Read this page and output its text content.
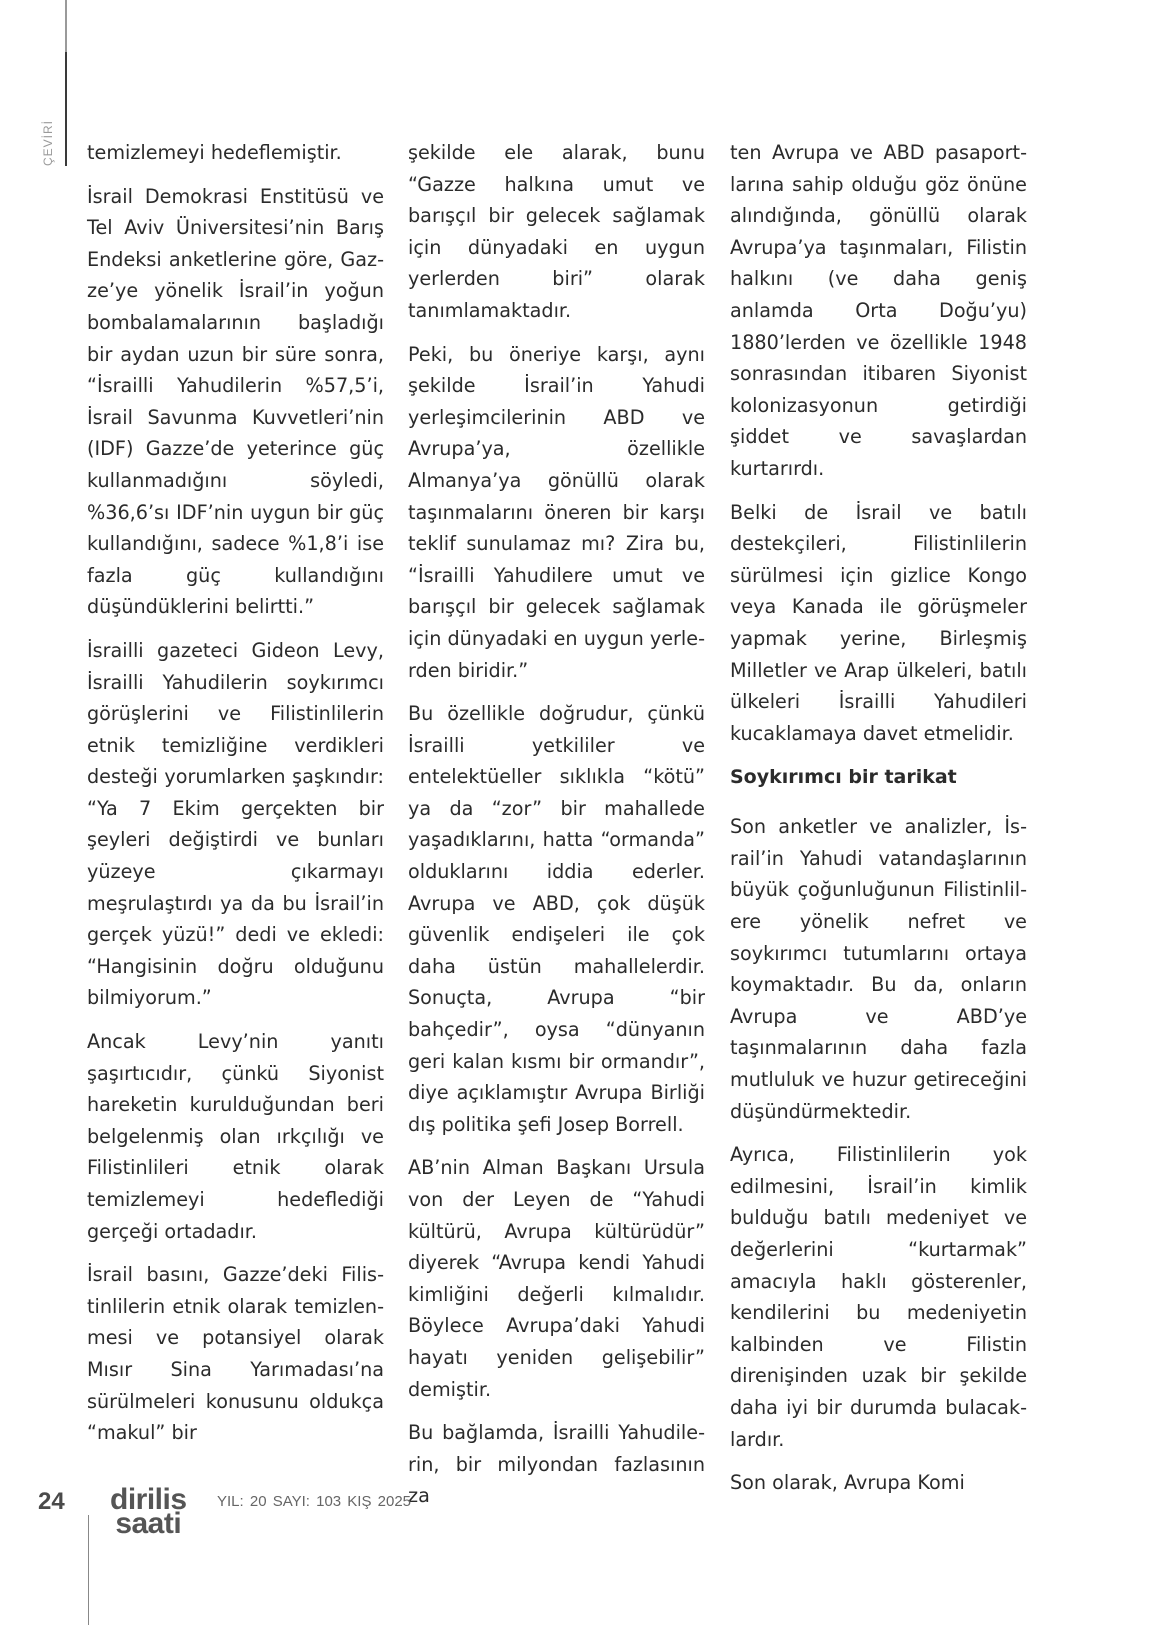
ÇEVİRİ temizlemeyi hedeflemiştir.

İsrail Demokrasi Enstitüsü ve Tel Aviv Üniversitesi’nin Barış Endeksi anketlerine göre, Gazze’ye yönelik İsrail’in yoğun bombalamalarının başladığı bir aydan uzun bir süre sonra, “İsrailli Yahudilerin %57,5’i, İsrail Savunma Kuvvetleri’nin (IDF) Gazze’de yeterince güç kullanmadığını söyledi, %36,6’sı IDF’nin uygun bir güç kullandığını, sadece %1,8’i ise fazla güç kullandığını düşündüklerini belirtti.”

İsrailli gazeteci Gideon Levy, İsrailli Yahudilerin soykırımcı görüşlerini ve Filistinlilerin etnik temizliğine verdikleri desteği yorumlarken şaşkındır: “Ya 7 Ekim gerçekten bir şeyleri değiştirdi ve bunları yüzeye çıkarmayı meşrulaştırdı ya da bu İsrail’in gerçek yüzü!” dedi ve ekledi: “Hangisinin doğru olduğunu bilmiyorum.”

Ancak Levy’nin yanıtı şaşırtıcıdır, çünkü Siyonist hareketin kurulduğundan beri belgelenmiş olan ırkçılığı ve Filistinlileri etnik olarak temizlemeyi hedeflediği gerçeği ortadadır.

İsrail basını, Gazze’deki Filistinlilerin etnik olarak temizlenmesi ve potansiyel olarak Mısır Sina Yarımadası’na sürülmeleri konusunu oldukça “makul” bir

şekilde ele alarak, bunu “Gazze halkına umut ve barışçıl bir gelecek sağlamak için dünyadaki en uygun yerlerden biri” olarak tanımlamaktadır.

Peki, bu öneriye karşı, aynı şekilde İsrail’in Yahudi yerleşimcilerinin ABD ve Avrupa’ya, özellikle Almanya’ya gönüllü olarak taşınmalarını öneren bir karşı teklif sunulamaz mı? Zira bu, “İsrailli Yahudilere umut ve barışçıl bir gelecek sağlamak için dünyadaki en uygun yerlerden biridir.”

Bu özellikle doğrudur, çünkü İsrailli yetkililer ve entelektüeller sıklıkla “kötü” ya da “zor” bir mahallede yaşadıklarını, hatta “ormanda” olduklarını iddia ederler. Avrupa ve ABD, çok düşük güvenlik endişeleri ile çok daha üstün mahallelerdir. Sonuçta, Avrupa “bir bahçedir”, oysa “dünyanın geri kalan kısmı bir ormandır”, diye açıklamıştır Avrupa Birliği dış politika şefi Josep Borrell.

AB’nin Alman Başkanı Ursula von der Leyen de “Yahudi kültürü, Avrupa kültürüdür” diyerek “Avrupa kendi Yahudi kimliğini değerli kılmalıdır. Böylece Avrupa’daki Yahudi hayatı yeniden gelişebilir” demiştir.

Bu bağlamda, İsrailli Yahudilerin, bir milyondan fazlasının za

ten Avrupa ve ABD pasaportlarına sahip olduğu göz önüne alındığında, gönüllü olarak Avrupa’ya taşınmaları, Filistin halkını (ve daha geniş anlamda Orta Doğu’yu) 1880’lerden ve özellikle 1948 sonrasından itibaren Siyonist kolonizasyonun getirdiği şiddet ve savaşlardan kurtarırdı.

Belki de İsrail ve batılı destekçileri, Filistinlilerin sürülmesi için gizlice Kongo veya Kanada ile görüşmeler yapmak yerine, Birleşmiş Milletler ve Arap ülkeleri, batılı ülkeleri İsrailli Yahudileri kucaklamaya davet etmelidir.

Soykırımcı bir tarikat

Son anketler ve analizler, İsrail’in Yahudi vatandaşlarının büyük çoğunluğunun Filistinlilere yönelik nefret ve soykırımcı tutumlarını ortaya koymaktadır. Bu da, onların Avrupa ve ABD’ye taşınmalarının daha fazla mutluluk ve huzur getireceğini düşündürmektedir.

Ayrıca, Filistinlilerin yok edilmesini, İsrail’in kimlik bulduğu batılı medeniyet ve değerlerini “kurtarmak” amacıyla haklı gösterenler, kendilerini bu medeniyetin kalbinden ve Filistin direnişinden uzak bir şekilde daha iyi bir durumda bulacaklardır.

Son olarak, Avrupa Komi

24 dirilis
saati
YIL: 20 SAYI: 103 KIŞ 2025
